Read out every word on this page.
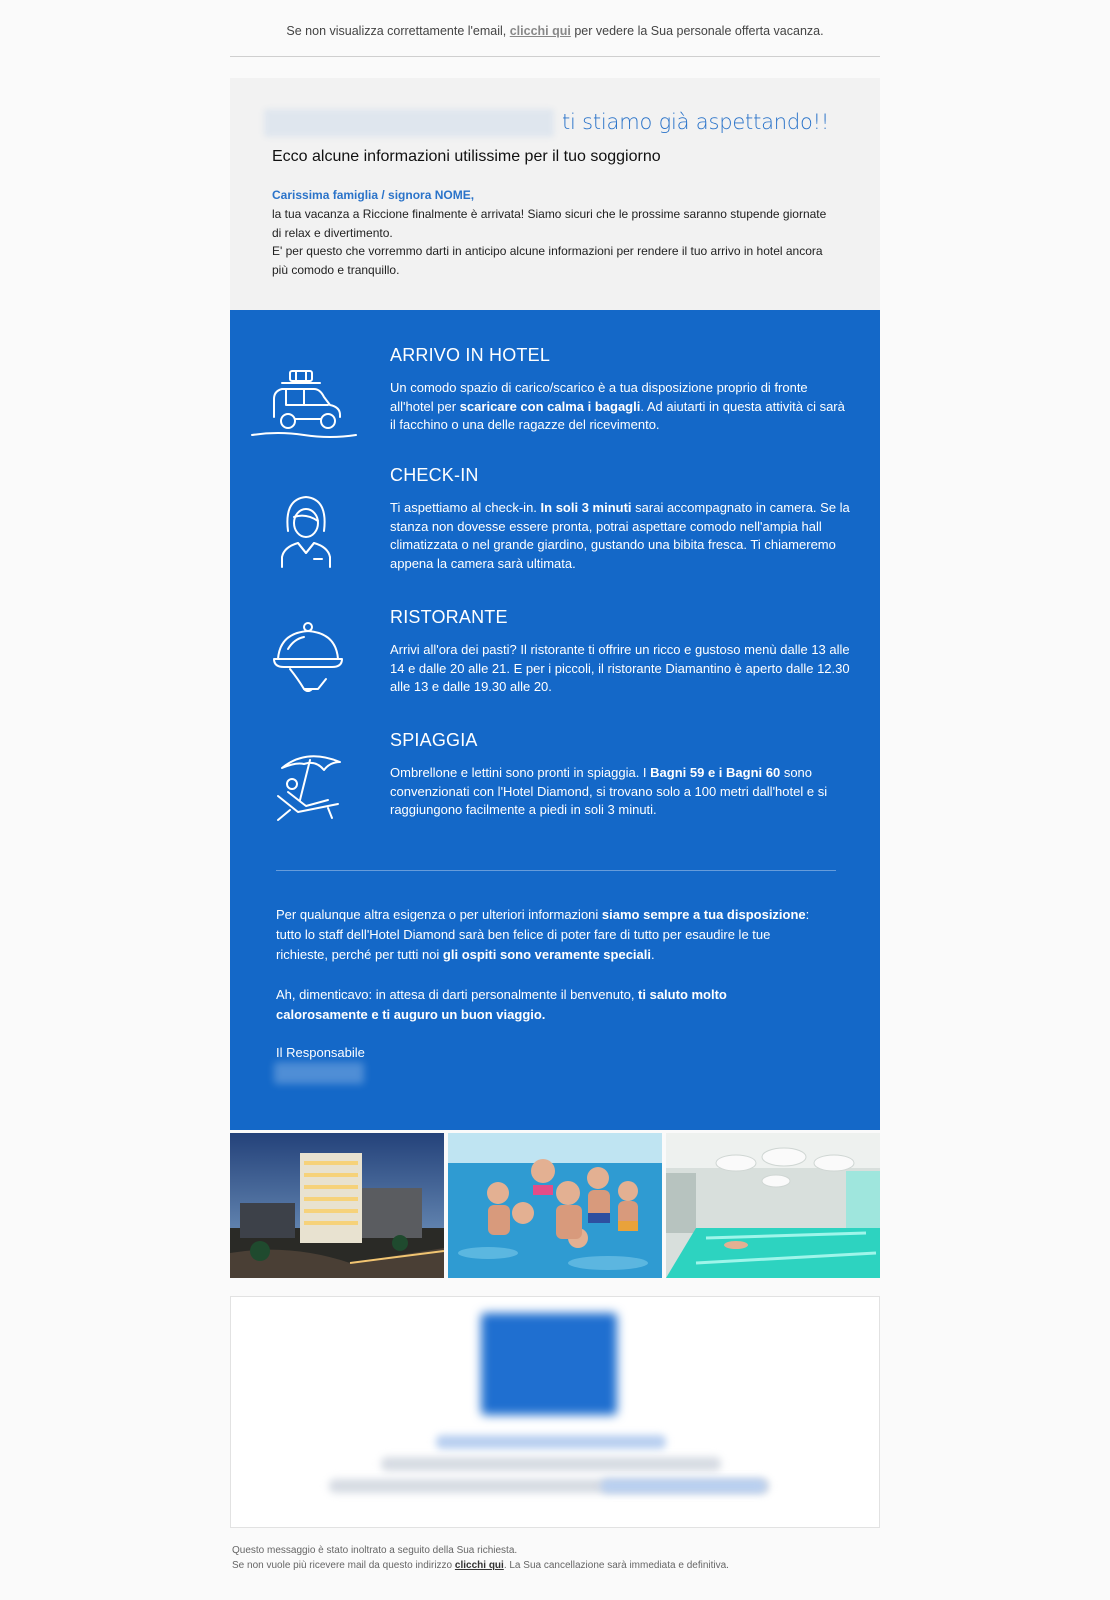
Se non visualizza correttamente l'email, clicchi qui per vedere la Sua personale offerta vacanza.
ti stiamo già aspettando!!
Ecco alcune informazioni utilissime per il tuo soggiorno
Carissima famiglia / signora NOME,
la tua vacanza a Riccione finalmente è arrivata! Siamo sicuri che le prossime saranno stupende giornate di relax e divertimento.
E' per questo che vorremmo darti in anticipo alcune informazioni per rendere il tuo arrivo in hotel ancora più comodo e tranquillo.
ARRIVO IN HOTEL

Un comodo spazio di carico/scarico è a tua disposizione proprio di fronte all'hotel per scaricare con calma i bagagli. Ad aiutarti in questa attività ci sarà il facchino o una delle ragazze del ricevimento.

CHECK-IN

Ti aspettiamo al check-in. In soli 3 minuti sarai accompagnato in camera. Se la stanza non dovesse essere pronta, potrai aspettare comodo nell'ampia hall climatizzata o nel grande giardino, gustando una bibita fresca. Ti chiameremo appena la camera sarà ultimata.

RISTORANTE

Arrivi all'ora dei pasti? Il ristorante ti offrire un ricco e gustoso menù dalle 13 alle 14 e dalle 20 alle 21. E per i piccoli, il ristorante Diamantino è aperto dalle 12.30 alle 13 e dalle 19.30 alle 20.

SPIAGGIA

Ombrellone e lettini sono pronti in spiaggia. I Bagni 59 e i Bagni 60 sono convenzionati con l'Hotel Diamond, si trovano solo a 100 metri dall'hotel e si raggiungono facilmente a piedi in soli 3 minuti.

Per qualunque altra esigenza o per ulteriori informazioni siamo sempre a tua disposizione: tutto lo staff dell'Hotel Diamond sarà ben felice di poter fare di tutto per esaudire le tue richieste, perché per tutti noi gli ospiti sono veramente speciali.

Ah, dimenticavo: in attesa di darti personalmente il benvenuto, ti saluto molto calorosamente e ti auguro un buon viaggio.

Il Responsabile

Questo messaggio è stato inoltrato a seguito della Sua richiesta.
Se non vuole più ricevere mail da questo indirizzo clicchi qui. La Sua cancellazione sarà immediata e definitiva.
